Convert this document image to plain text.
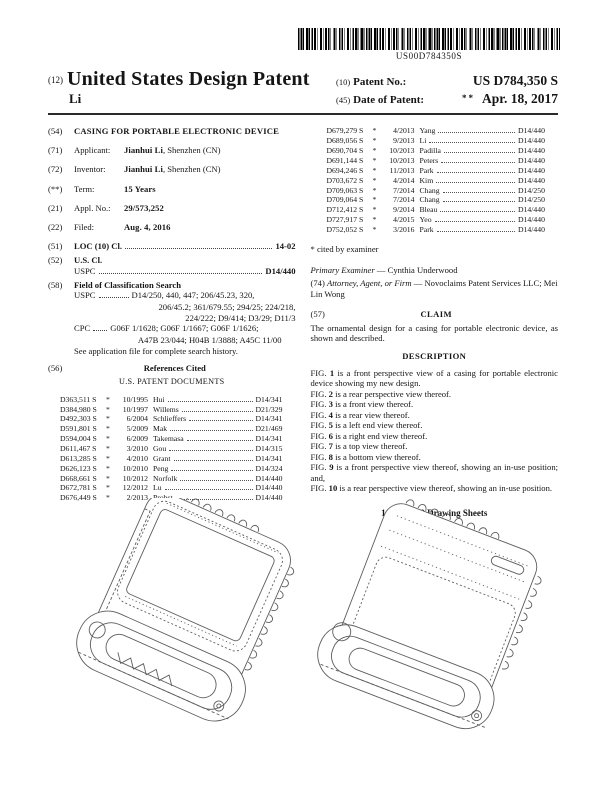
US00D784350S
(12) United States Design Patent
Li
(10) Patent No.:	US D784,350 S
(45) Date of Patent:	** Apr. 18, 2017
(54)	CASING FOR PORTABLE ELECTRONIC DEVICE
(71)	Applicant:	Jianhui Li, Shenzhen (CN)
(72)	Inventor:	Jianhui Li, Shenzhen (CN)
(**)	Term:	15 Years
(21)	Appl. No.:	29/573,252
(22)	Filed:	Aug. 4, 2016
(51)	LOC (10) Cl.	14-02
(52)	U.S. Cl.
USPC	D14/440
(58)	Field of Classification Search
USPC	D14/250, 440, 447; 206/45.23, 320,
206/45.2; 361/679.55; 294/25; 224/218,
224/222; D9/414; D3/29; D11/3
CPC G06F 1/1628; G06F 1/1667; G06F 1/1626;
A47B 23/044; H04B 1/3888; A45C 11/00
See application file for complete search history.
(56)	References Cited
U.S. PATENT DOCUMENTS
D363,511 S	*	10/1995 Hui	D14/341
D384,980 S	*	10/1997 Willems	D21/329
D492,303 S	*	6/2004 Schlieffers	D14/341
D591,801 S	*	5/2009 Mak	D21/469
D594,004 S	*	6/2009 Takemasa	D14/341
D611,467 S	*	3/2010 Gou	D14/315
D613,285 S	*	4/2010 Grant	D14/341
D626,123 S	*	10/2010 Peng	D14/324
D668,661 S	*	10/2012 Norfolk	D14/440
D672,781 S	*	12/2012 Lu	D14/440
D676,449 S	*	2/2013	D14/440
D679,279 S	*	4/2013 Yang	D14/440
D689,056 S	*	9/2013 Li	D14/440
D690,704 S	*	10/2013 Padilla	D14/440
D691,144 S	*	10/2013 Peters	D14/440
D694,246 S	*	11/2013 Park	D14/440
D703,672 S	*	4/2014 Kim	D14/440
D709,063 S	*	7/2014 Chang	D14/250
D709,064 S	*	7/2014 Chang	D14/250
D712,412 S	*	9/2014 Bleau	D14/440
D727,917 S	*	4/2015 Yeo	D14/440
D752,052 S	*	3/2016 Park	D14/440
* cited by examiner
Primary Examiner — Cynthia Underwood
(74) Attorney, Agent, or Firm — Novoclaims Patent Services LLC; Mei Lin Wong
(57)	CLAIM
The ornamental design for a casing for portable electronic device, as shown and described.
DESCRIPTION

FIG. 1 is a front perspective view of a casing for portable electronic device showing my new design.

FIG. 2 is a rear perspective view thereof.

FIG. 3 is a front view thereof.

FIG. 4 is a rear view thereof.

FIG. 5 is a left end view thereof.

FIG. 6 is a right end view thereof.

FIG. 7 is a top view thereof.

FIG. 8 is a bottom view thereof.

FIG. 9 is a front perspective view thereof, showing an in-use position; and,

FIG. 10 is a rear perspective view thereof, showing an in-use position.

1 Claim, 10 Drawing Sheets
